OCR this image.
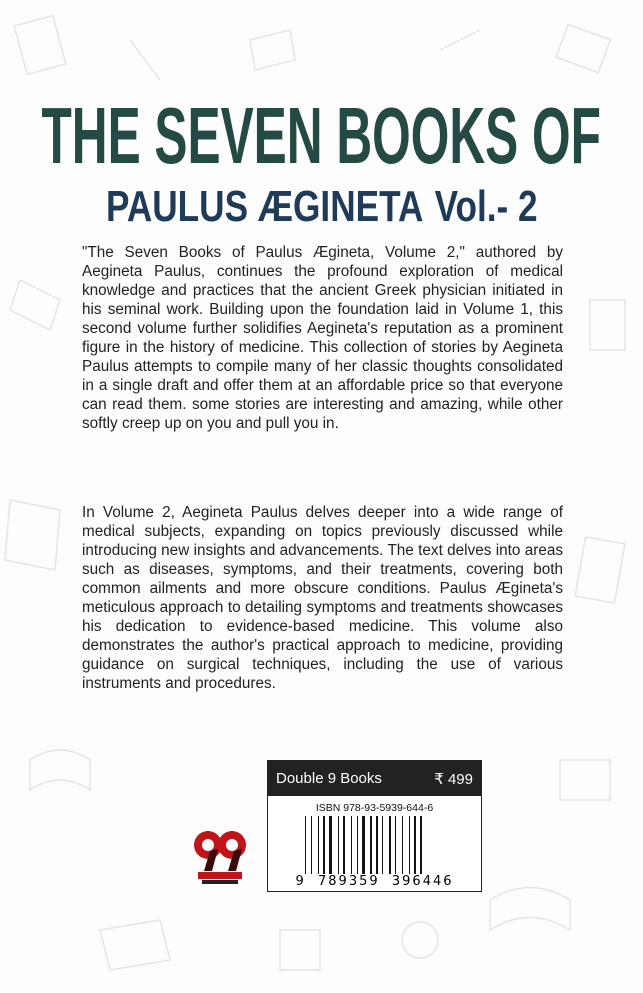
THE SEVEN BOOKS OF
PAULUS ÆGINETA Vol.- 2

"The Seven Books of Paulus Ægineta, Volume 2," authored by Aegineta Paulus, continues the profound exploration of medical knowledge and practices that the ancient Greek physician initiated in his seminal work. Building upon the foundation laid in Volume 1, this second volume further solidifies Aegineta's reputation as a prominent figure in the history of medicine. This collection of stories by Aegineta Paulus attempts to compile many of her classic thoughts consolidated in a single draft and offer them at an affordable price so that everyone can read them. some stories are interesting and amazing, while other softly creep up on you and pull you in.

In Volume 2, Aegineta Paulus delves deeper into a wide range of medical subjects, expanding on topics previously discussed while introducing new insights and advancements. The text delves into areas such as diseases, symptoms, and their treatments, covering both common ailments and more obscure conditions. Paulus Ægineta's meticulous approach to detailing symptoms and treatments showcases his dedication to evidence-based medicine. This volume also demonstrates the author's practical approach to medicine, providing guidance on surgical techniques, including the use of various instruments and procedures.

Double 9 Books	₹ 499
ISBN 978-93-5939-644-6
9  789359  396446
